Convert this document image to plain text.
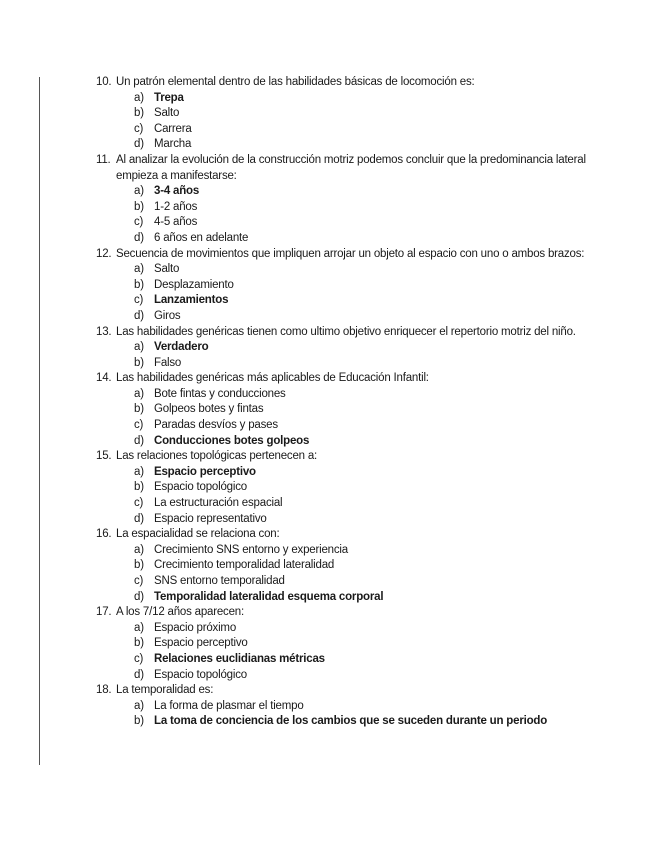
10. Un patrón elemental dentro de las habilidades básicas de locomoción es:
a) Trepa
b) Salto
c) Carrera
d) Marcha
11. Al analizar la evolución de la construcción motriz podemos concluir que la predominancia lateral empieza a manifestarse:
a) 3-4 años
b) 1-2 años
c) 4-5 años
d) 6 años en adelante
12. Secuencia de movimientos que impliquen arrojar un objeto al espacio con uno o ambos brazos:
a) Salto
b) Desplazamiento
c) Lanzamientos
d) Giros
13. Las habilidades genéricas tienen como ultimo objetivo enriquecer el repertorio motriz del niño.
a) Verdadero
b) Falso
14. Las habilidades genéricas más aplicables de Educación Infantil:
a) Bote fintas y conducciones
b) Golpeos botes y fintas
c) Paradas desvíos y pases
d) Conducciones botes golpeos
15. Las relaciones topológicas pertenecen a:
a) Espacio perceptivo
b) Espacio topológico
c) La estructuración espacial
d) Espacio representativo
16. La espacialidad se relaciona con:
a) Crecimiento SNS entorno y experiencia
b) Crecimiento temporalidad lateralidad
c) SNS entorno temporalidad
d) Temporalidad lateralidad esquema corporal
17. A los 7/12 años aparecen:
a) Espacio próximo
b) Espacio perceptivo
c) Relaciones euclidianas métricas
d) Espacio topológico
18. La temporalidad es:
a) La forma de plasmar el tiempo
b) La toma de conciencia de los cambios que se suceden durante un periodo
